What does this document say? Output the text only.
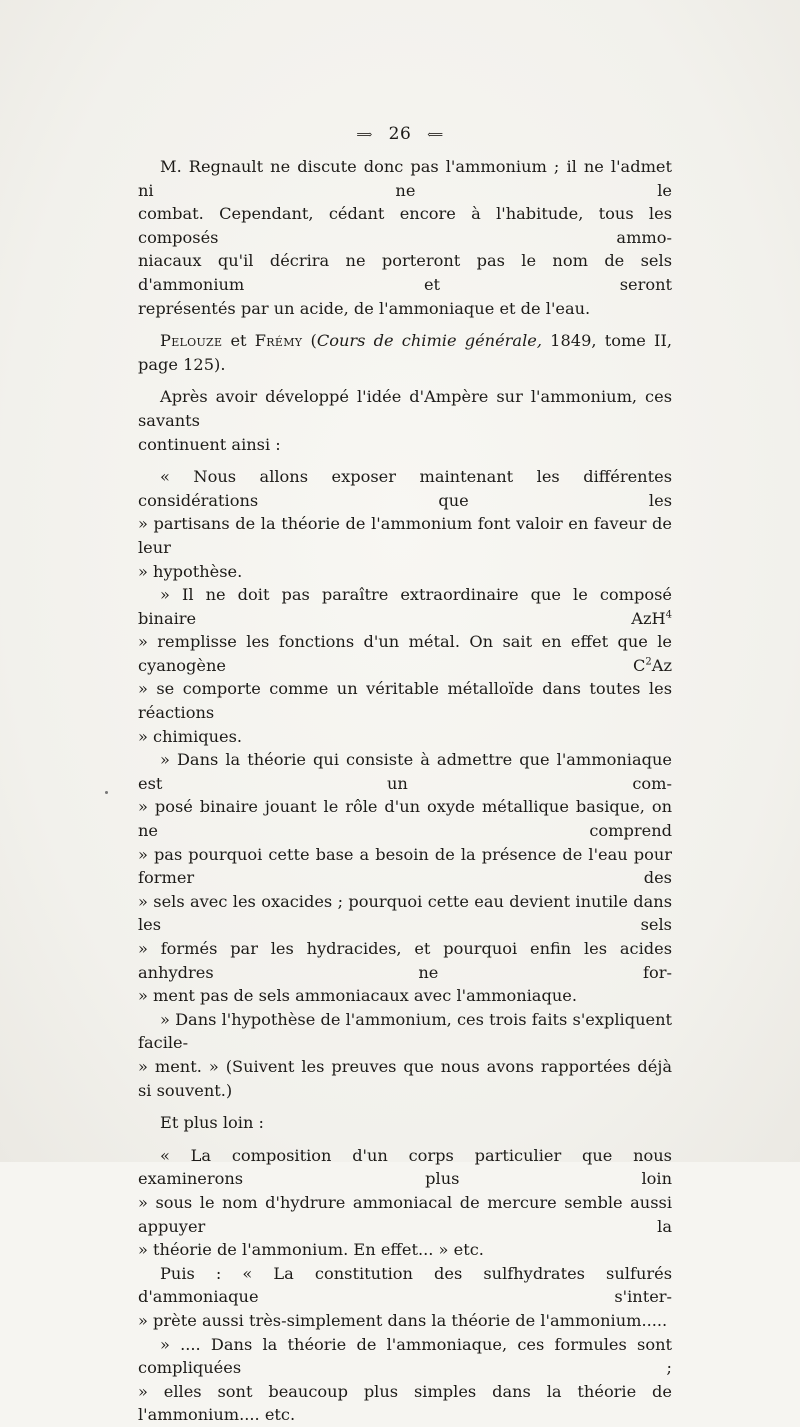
⟹ 26 ⟸

M. Regnault ne discute donc pas l'ammonium ; il ne l'admet ni ne le

combat. Cependant, cédant encore à l'habitude, tous les composés ammo-

niacaux qu'il décrira ne porteront pas le nom de sels d'ammonium et seront

représentés par un acide, de l'ammoniaque et de l'eau.

Pelouze et Frémy (Cours de chimie générale, 1849, tome II, page 125).

Après avoir développé l'idée d'Ampère sur l'ammonium, ces savants

continuent ainsi :

« Nous allons exposer maintenant les différentes considérations que les

» partisans de la théorie de l'ammonium font valoir en faveur de leur

» hypothèse.

» Il ne doit pas paraître extraordinaire que le composé binaire AzH$^4$

» remplisse les fonctions d'un métal. On sait en effet que le cyanogène $C^2Az$

» se comporte comme un véritable métalloïde dans toutes les réactions

» chimiques.

» Dans la théorie qui consiste à admettre que l'ammoniaque est un com-

» posé binaire jouant le rôle d'un oxyde métallique basique, on ne comprend

» pas pourquoi cette base a besoin de la présence de l'eau pour former des

» sels avec les oxacides ; pourquoi cette eau devient inutile dans les sels

» formés par les hydracides, et pourquoi enfin les acides anhydres ne for-

» ment pas de sels ammoniacaux avec l'ammoniaque.

» Dans l'hypothèse de l'ammonium, ces trois faits s'expliquent facile-

» ment. » (Suivent les preuves que nous avons rapportées déjà si souvent.)

Et plus loin :

« La composition d'un corps particulier que nous examinerons plus loin

» sous le nom d'hydrure ammoniacal de mercure semble aussi appuyer la

» théorie de l'ammonium. En effet... » etc.

Puis : « La constitution des sulfhydrates sulfurés d'ammoniaque s'inter-

» prète aussi très-simplement dans la théorie de l'ammonium.....

» .... Dans la théorie de l'ammoniaque, ces formules sont compliquées ;

» elles sont beaucoup plus simples dans la théorie de l'ammonium.... etc.
